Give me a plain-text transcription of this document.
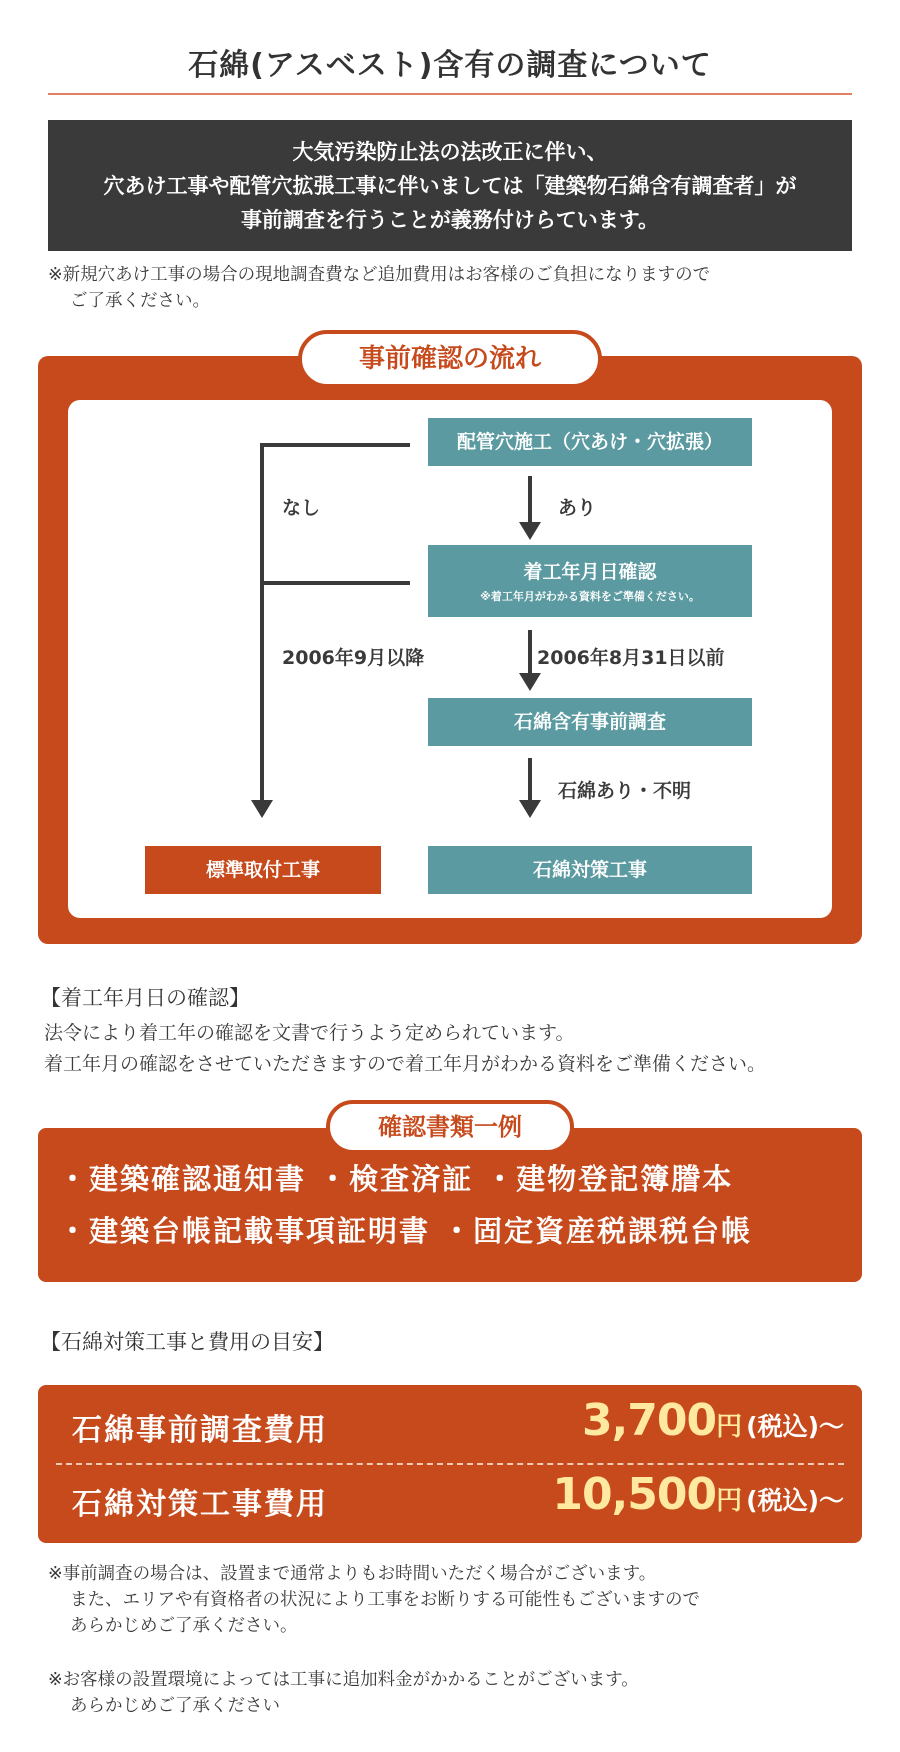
石綿(アスベスト)含有の調査について
大気汚染防止法の法改正に伴い、
穴あけ工事や配管穴拡張工事に伴いましては「建築物石綿含有調査者」が
事前調査を行うことが義務付けらています。
※新規穴あけ工事の場合の現地調査費など追加費用はお客様のご負担になりますので
ご了承ください。
事前確認の流れ
配管穴施工（穴あけ・穴拡張）
着工年月日確認
※着工年月がわかる資料をご準備ください。
石綿含有事前調査
標準取付工事	石綿対策工事
なし	あり
2006年9月以降	2006年8月31日以前
石綿あり・不明
【着工年月日の確認】
法令により着工年の確認を文書で行うよう定められています。
着工年月の確認をさせていただきますので着工年月がわかる資料をご準備ください。
確認書類一例
・建築確認通知書 ・検査済証 ・建物登記簿謄本
・建築台帳記載事項証明書 ・固定資産税課税台帳
【石綿対策工事と費用の目安】
石綿事前調査費用	3,700円 (税込)～
石綿対策工事費用	10,500円 (税込)～
※事前調査の場合は、設置まで通常よりもお時間いただく場合がございます。
また、エリアや有資格者の状況により工事をお断りする可能性もございますので
あらかじめご了承ください。
※お客様の設置環境によっては工事に追加料金がかかることがございます。
あらかじめご了承ください
